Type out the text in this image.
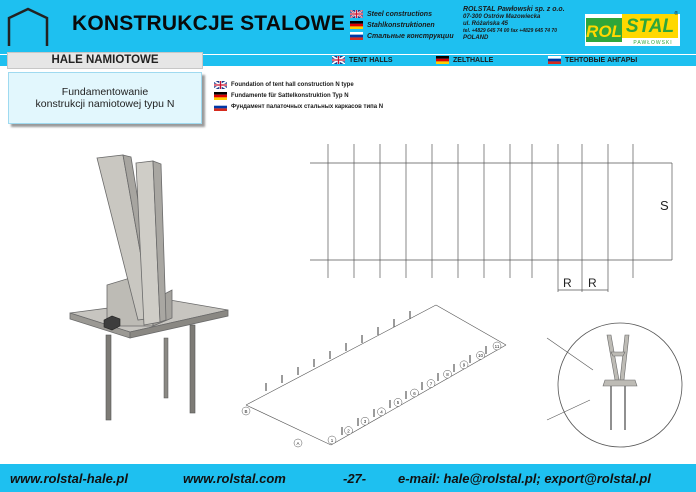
KONSTRUKCJE STALOWE	Steel constructions
Stahlkonstruktionen
Стальные конструкции
ROLSTAL Pawłowski sp. z o.o.
07-300 Ostrów Mazowiecka
ul. Różańska 45
tel. +4829 645 74 00 fax +4829 645 74 70
POLAND	ROL STAL
®
PAWŁOWSKI
TENT HALLS	ZELTHALLE	ТЕНТОВЫЕ АНГАРЫ
HALE NAMIOTOWE
Fundamentowanie
konstrukcji namiotowej typu N
Foundation of tent hall construction N type
Fundamente für Sattelkonstruktion Typ N
Фундамент палаточных стальных каркасов типа N
S
R R
1
2
3
4
5
6
7
8
9
10
11
A
B
www.rolstal-hale.pl	www.rolstal.com	-27- e-mail: hale@rolstal.pl; export@rolstal.pl
